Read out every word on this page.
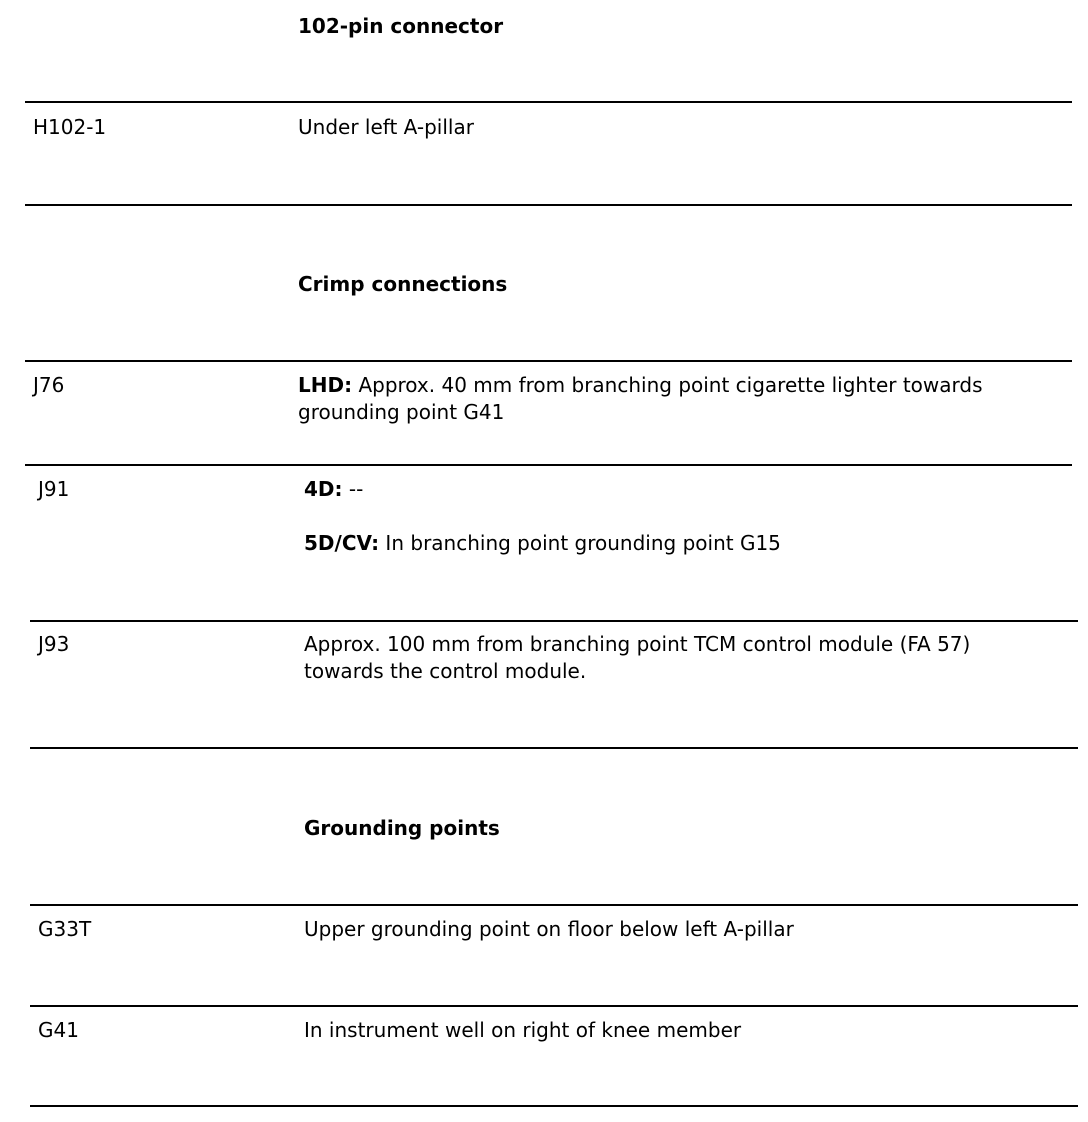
102-pin connector
H102-1	Under left A-pillar
Crimp connections
J76	LHD: Approx. 40 mm from branching point cigarette lighter towards
grounding point G41
J91	4D: --
5D/CV: In branching point grounding point G15
J93	Approx. 100 mm from branching point TCM control module (FA 57)
towards the control module.
Grounding points
G33T	Upper grounding point on floor below left A-pillar
G41	In instrument well on right of knee member
